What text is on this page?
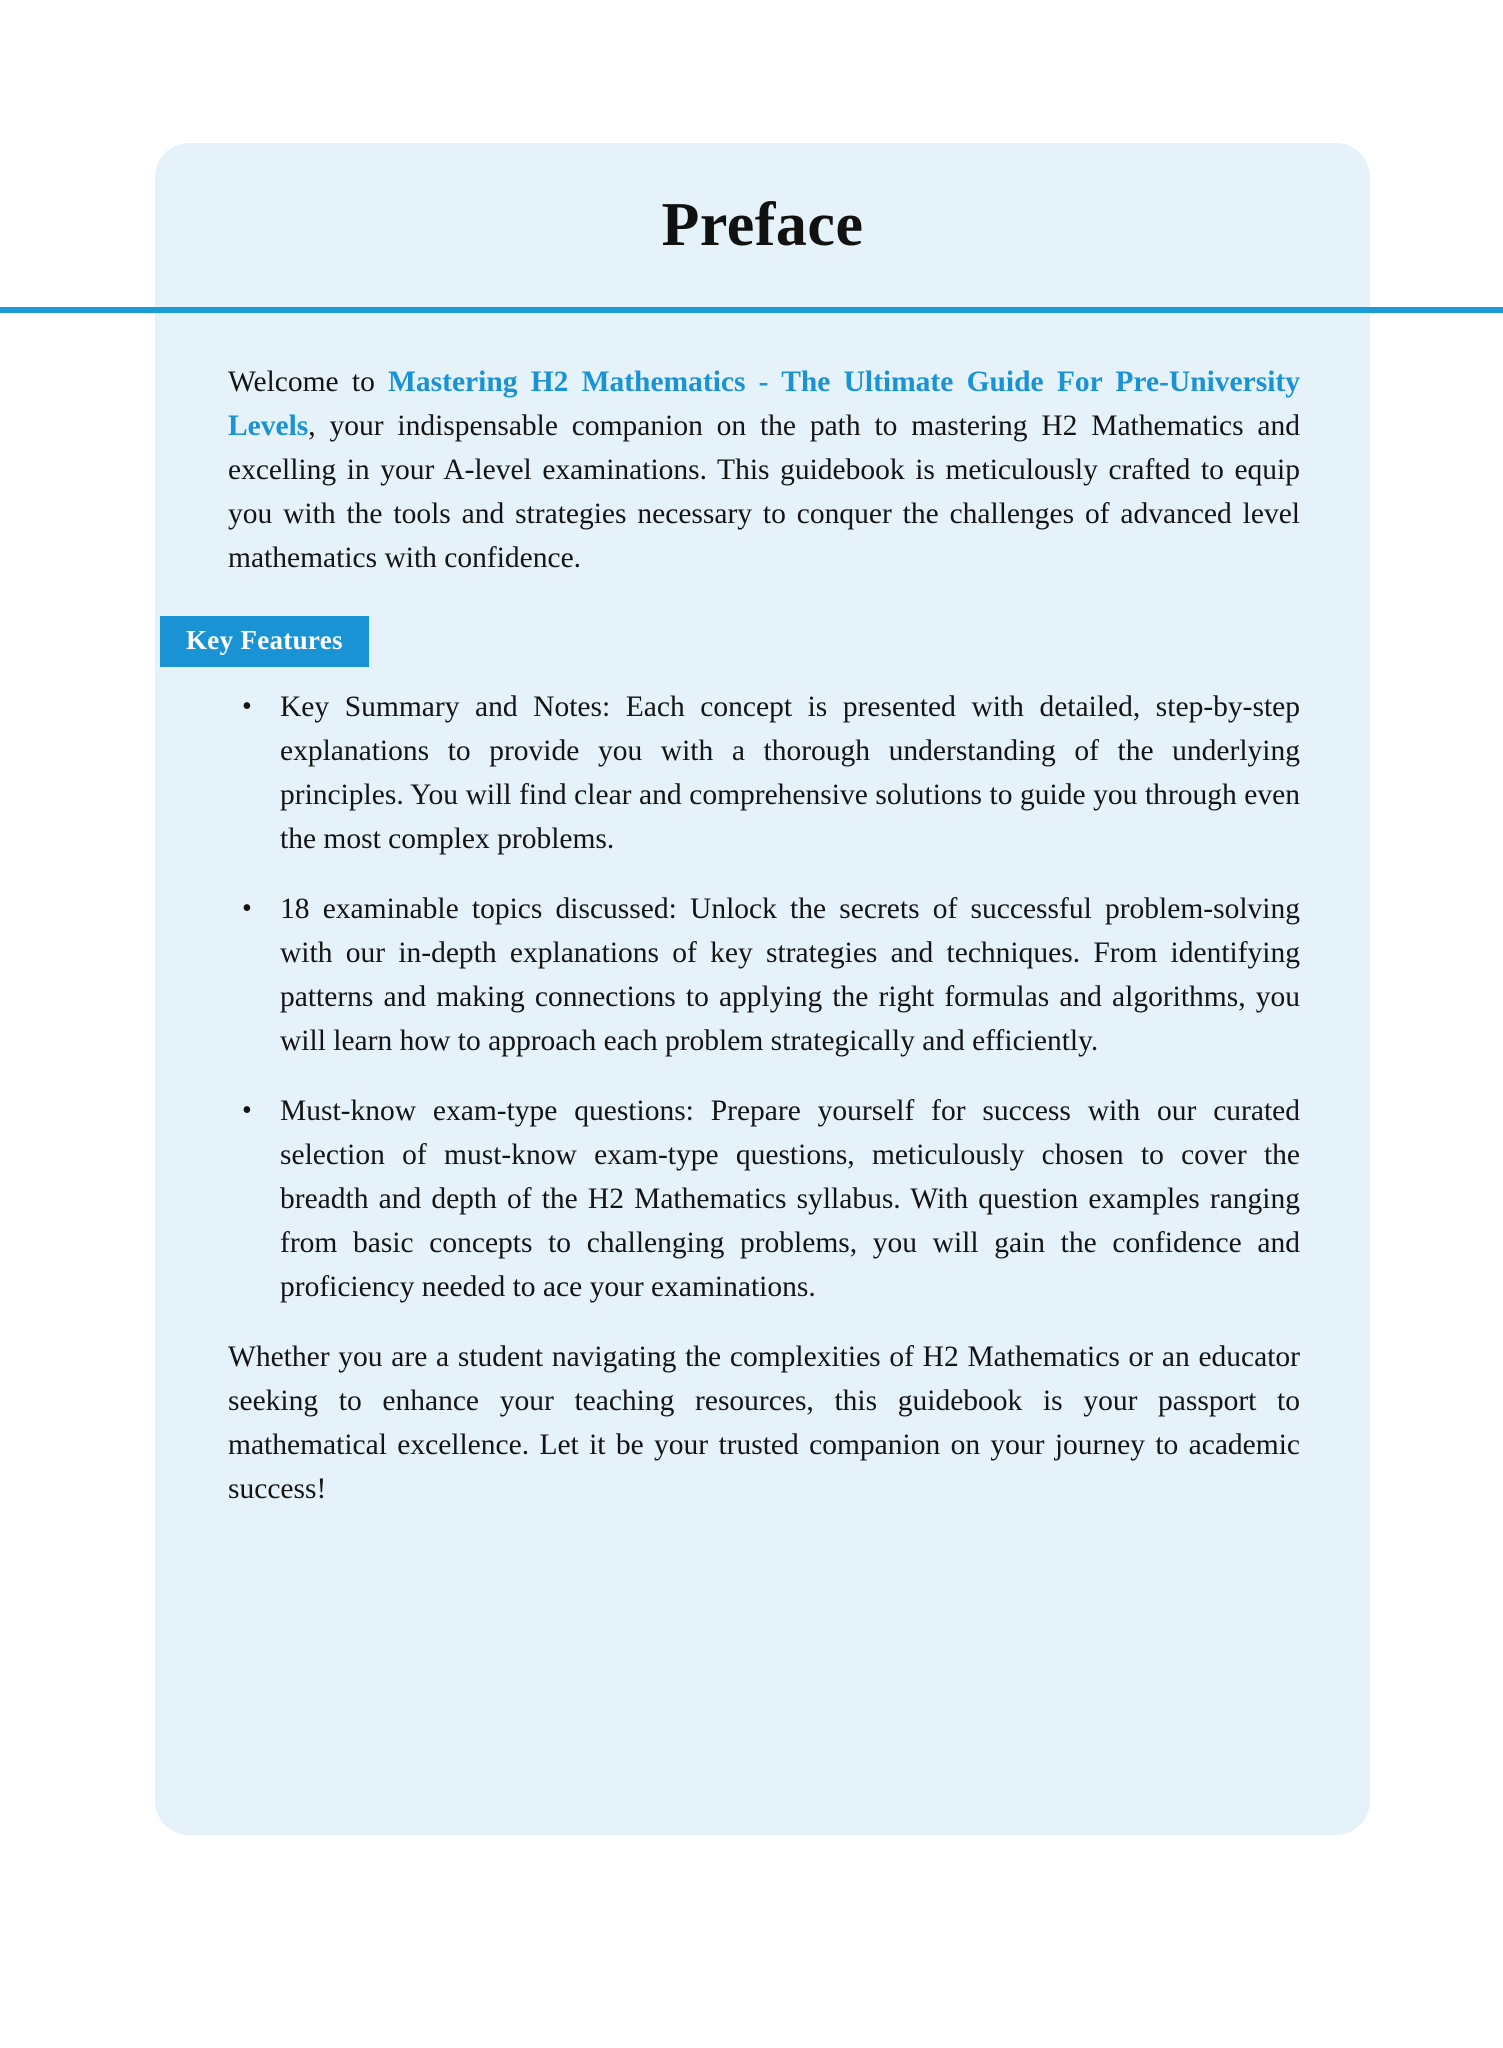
Preface

Welcome to Mastering H2 Mathematics - The Ultimate Guide For Pre-University Levels, your indispensable companion on the path to mastering H2 Mathematics and excelling in your A-level examinations. This guidebook is meticulously crafted to equip you with the tools and strategies necessary to conquer the challenges of advanced level mathematics with confidence.

Key Features
• Key Summary and Notes: Each concept is presented with detailed, step-by-step explanations to provide you with a thorough understanding of the underlying principles. You will find clear and comprehensive solutions to guide you through even the most complex problems.
• 18 examinable topics discussed: Unlock the secrets of successful problem-solving with our in-depth explanations of key strategies and techniques. From identifying patterns and making connections to applying the right formulas and algorithms, you will learn how to approach each problem strategically and efficiently.
• Must-know exam-type questions: Prepare yourself for success with our curated selection of must-know exam-type questions, meticulously chosen to cover the breadth and depth of the H2 Mathematics syllabus. With question examples ranging from basic concepts to challenging problems, you will gain the confidence and proficiency needed to ace your examinations.

Whether you are a student navigating the complexities of H2 Mathematics or an educator seeking to enhance your teaching resources, this guidebook is your passport to mathematical excellence. Let it be your trusted companion on your journey to academic success!
